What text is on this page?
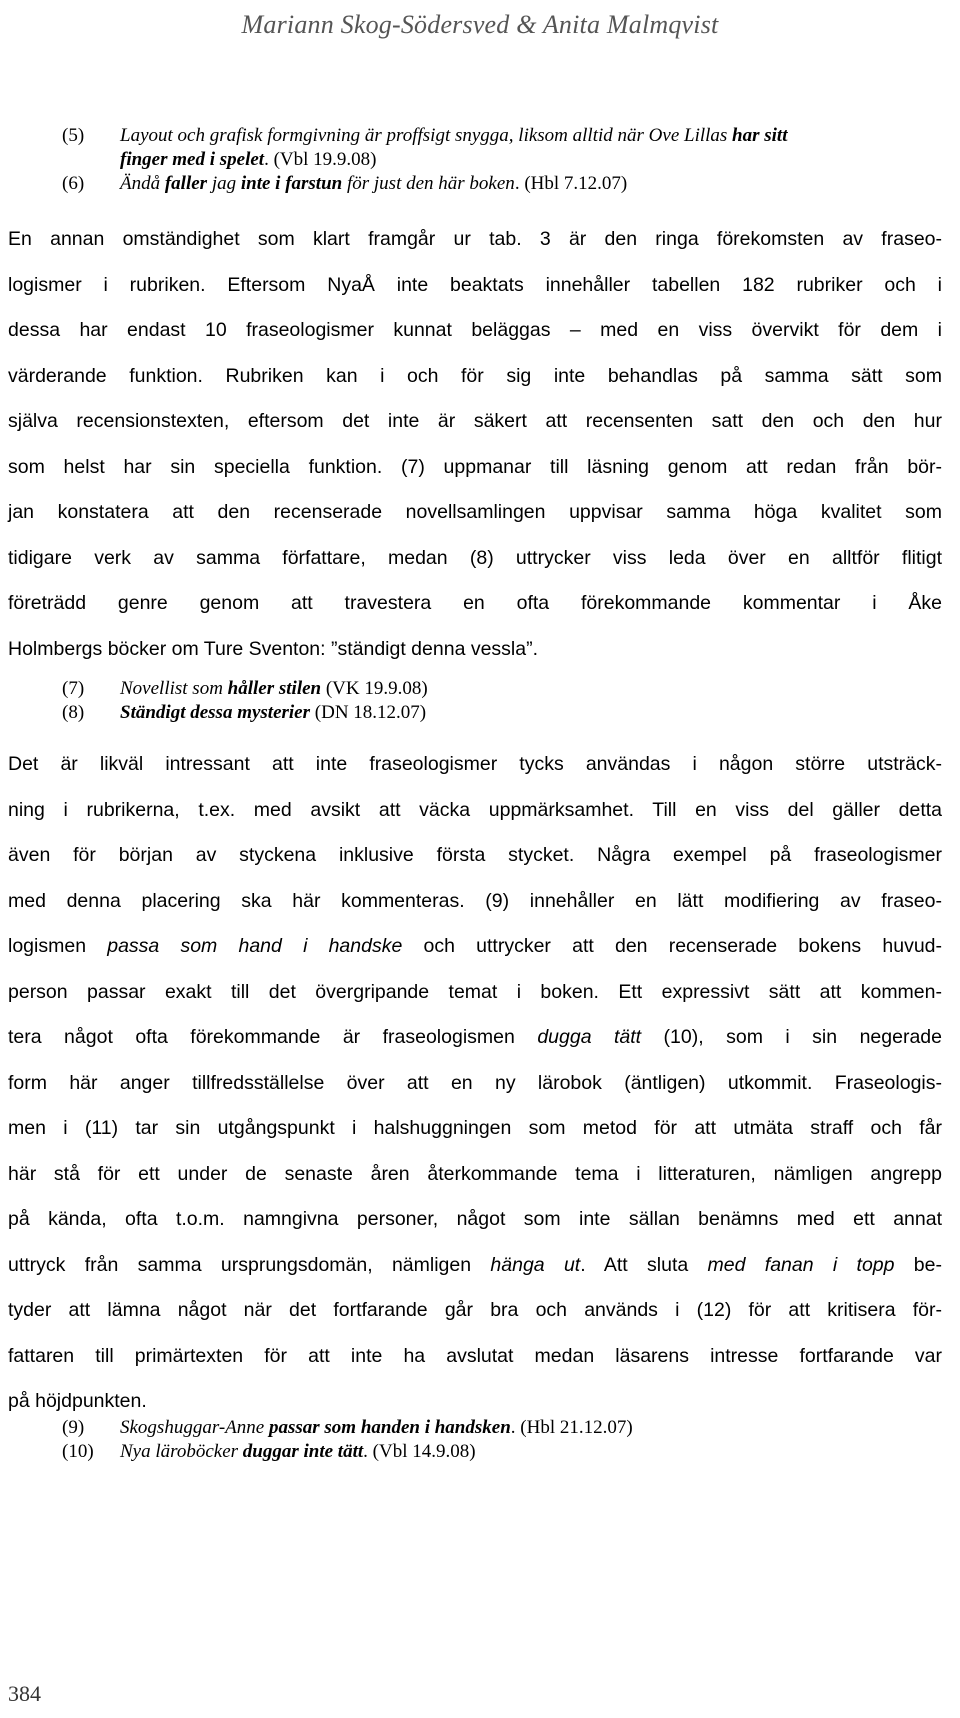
Mariann Skog-Södersved & Anita Malmqvist
(5)	Layout och grafisk formgivning är proffsigt snygga, liksom alltid när Ove Lillas har sitt
finger med i spelet. (Vbl 19.9.08)
(6)	Ändå faller jag inte i farstun för just den här boken. (Hbl 7.12.07)
En annan omständighet som klart framgår ur tab. 3 är den ringa förekomsten av fraseo-
logismer i rubriken. Eftersom NyaÅ inte beaktats innehåller tabellen 182 rubriker och i
dessa har endast 10 fraseologismer kunnat beläggas – med en viss övervikt för dem i
värderande funktion. Rubriken kan i och för sig inte behandlas på samma sätt som
själva recensionstexten, eftersom det inte är säkert att recensenten satt den och den hur
som helst har sin speciella funktion. (7) uppmanar till läsning genom att redan från bör-
jan konstatera att den recenserade novellsamlingen uppvisar samma höga kvalitet som
tidigare verk av samma författare, medan (8) uttrycker viss leda över en alltför flitigt
företrädd genre genom att travestera en ofta förekommande kommentar i Åke
Holmbergs böcker om Ture Sventon: ”ständigt denna vessla”.
(7)	Novellist som håller stilen (VK 19.9.08)
(8)	Ständigt dessa mysterier (DN 18.12.07)
Det är likväl intressant att inte fraseologismer tycks användas i någon större utsträck-
ning i rubrikerna, t.ex. med avsikt att väcka uppmärksamhet. Till en viss del gäller detta
även för början av styckena inklusive första stycket. Några exempel på fraseologismer
med denna placering ska här kommenteras. (9) innehåller en lätt modifiering av fraseo-
logismen passa som hand i handske och uttrycker att den recenserade bokens huvud-
person passar exakt till det övergripande temat i boken. Ett expressivt sätt att kommen-
tera något ofta förekommande är fraseologismen dugga tätt (10), som i sin negerade
form här anger tillfredsställelse över att en ny lärobok (äntligen) utkommit. Fraseologis-
men i (11) tar sin utgångspunkt i halshuggningen som metod för att utmäta straff och får
här stå för ett under de senaste åren återkommande tema i litteraturen, nämligen angrepp
på kända, ofta t.o.m. namngivna personer, något som inte sällan benämns med ett annat
uttryck från samma ursprungsdomän, nämligen hänga ut. Att sluta med fanan i topp be-
tyder att lämna något när det fortfarande går bra och används i (12) för att kritisera för-
fattaren till primärtexten för att inte ha avslutat medan läsarens intresse fortfarande var
på höjdpunkten.
(9)	Skogshuggar-Anne passar som handen i handsken. (Hbl 21.12.07)
(10)	Nya läroböcker duggar inte tätt. (Vbl 14.9.08)
384
